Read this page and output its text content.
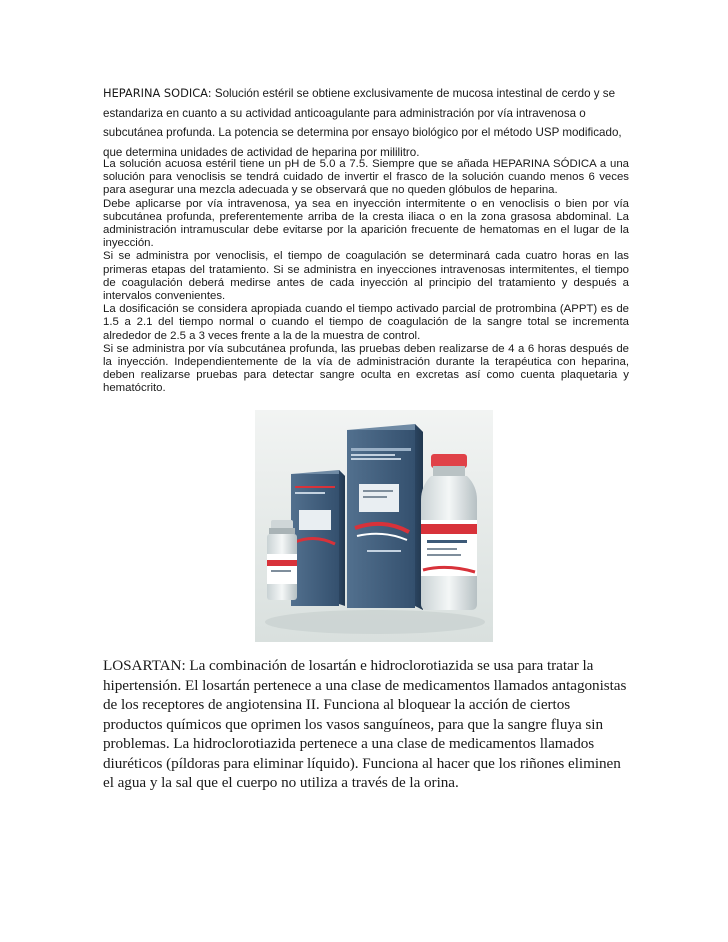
HEPARINA SODICA: Solución estéril se obtiene exclusivamente de mucosa intestinal de cerdo y se estandariza en cuanto a su actividad anticoagulante para administración por vía intravenosa o subcutánea profunda. La potencia se determina por ensayo biológico por el método USP modificado, que determina unidades de actividad de heparina por mililitro.

La solución acuosa estéril tiene un pH de 5.0 a 7.5. Siempre que se añada HEPARINA SÓDICA a una solución para venoclisis se tendrá cuidado de invertir el frasco de la solución cuando menos 6 veces para asegurar una mezcla adecuada y se observará que no queden glóbulos de heparina.

Debe aplicarse por vía intravenosa, ya sea en inyección intermitente o en venoclisis o bien por vía subcutánea profunda, preferentemente arriba de la cresta iliaca o en la zona grasosa abdominal. La administración intramuscular debe evitarse por la aparición frecuente de hematomas en el lugar de la inyección.

Si se administra por venoclisis, el tiempo de coagulación se determinará cada cuatro horas en las primeras etapas del tratamiento. Si se administra en inyecciones intravenosas intermitentes, el tiempo de coagulación deberá medirse antes de cada inyección al principio del tratamiento y después a intervalos convenientes.

La dosificación se considera apropiada cuando el tiempo activado parcial de protrombina (APPT) es de 1.5 a 2.1 del tiempo normal o cuando el tiempo de coagulación de la sangre total se incrementa alrededor de 2.5 a 3 veces frente a la de la muestra de control.

Si se administra por vía subcutánea profunda, las pruebas deben realizarse de 4 a 6 horas después de la inyección. Independientemente de la vía de administración durante la terapéutica con heparina, deben realizarse pruebas para detectar sangre oculta en excretas así como cuenta plaquetaria y hematócrito.

LOSARTAN: La combinación de losartán e hidroclorotiazida se usa para tratar la hipertensión. El losartán pertenece a una clase de medicamentos llamados antagonistas de los receptores de angiotensina II. Funciona al bloquear la acción de ciertos productos químicos que oprimen los vasos sanguíneos, para que la sangre fluya sin problemas. La hidroclorotiazida pertenece a una clase de medicamentos llamados diuréticos (píldoras para eliminar líquido). Funciona al hacer que los riñones eliminen el agua y la sal que el cuerpo no utiliza a través de la orina.
